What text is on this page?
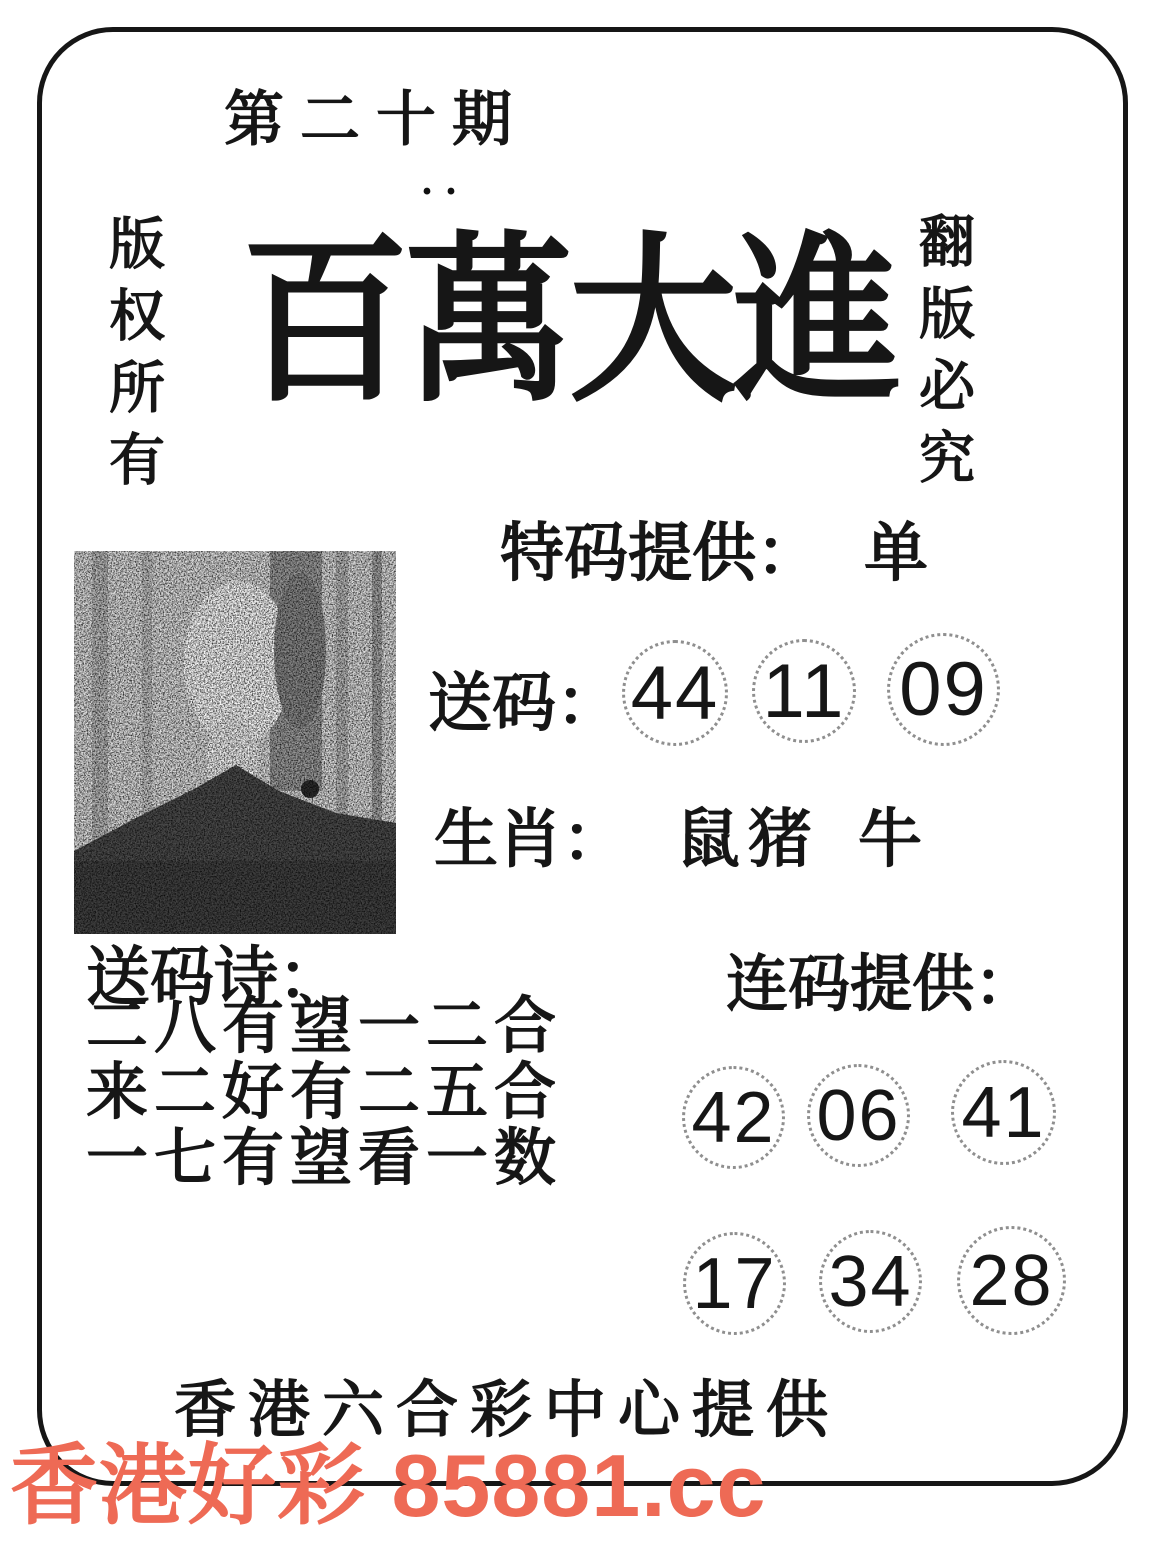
第二十期
··
版权所有	翻版必究
百萬大進
特码提供： 单
送码： 44 11 09
生肖： 鼠猪 牛
送码诗：
二八有望一二合
来二好有二五合
一七有望看一数
连码提供：
42 06 41
17 34 28
香港六合彩中心提供
香港好彩 85881.cc
